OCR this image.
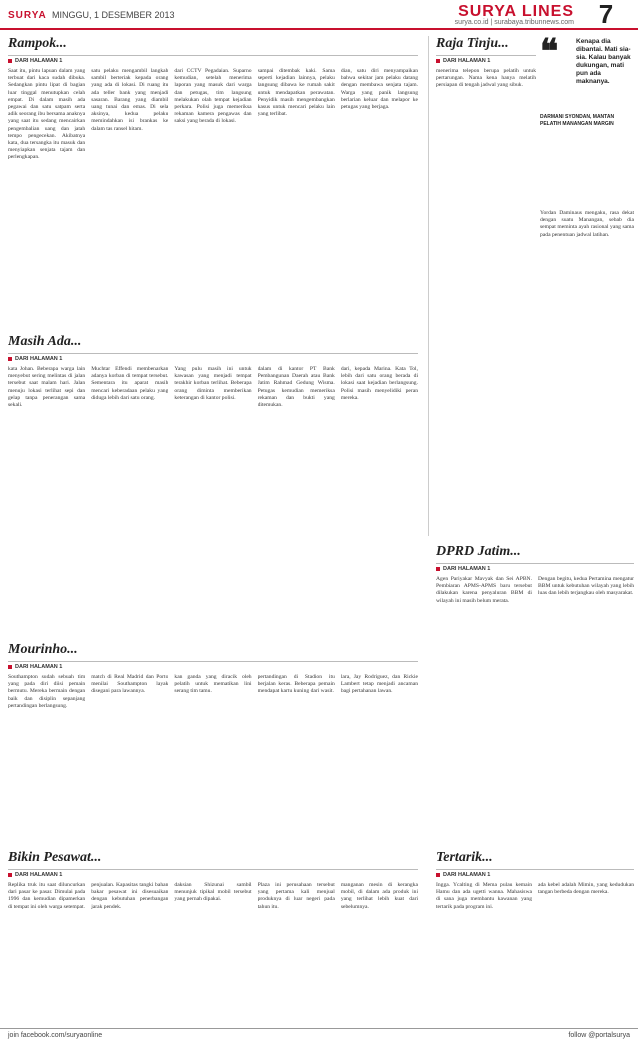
SURYA MINGGU, 1 DESEMBER 2013	SURYA LINES
surya.co.id | surabaya.tribunnews.com 7
Rampok...
DARI HALAMAN 1
Saat itu, pintu lapuan dalam yang terbuat dari kaca sudah dibuka. Sedangkan pintu lipat di bagian luar tinggal menutupkan celah empat. Di dalam masih ada pegawai dan satu satpam serta adik seorang ibu bersama anaknya yang saat itu sedang mencairkan pengembalian uang dan jatah tempo pengecekan. Akibatnya kata, dua tersangka itu masuk dan menyiapkan senjata tajam dan perlengkapan.
satu pelaku mengambil langkah sambil berteriak kepada orang yang ada di lokasi. Di ruang itu ada teller bank yang menjadi sasaran. Barang yang diambil uang tunai dan emas. Di sela aksinya, kedua pelaku memindahkan isi brankas ke dalam tas ransel hitam.
dari CCTV Pegadaian. Suparno kemudian, setelah menerima laporan yang masuk dari warga dan petugas, tim langsung melakukan olah tempat kejadian perkara. Polisi juga memeriksa rekaman kamera pengawas dan saksi yang berada di lokasi.
sampai ditembak kaki. Sama seperti kejadian lainnya, pelaku langsung dibawa ke rumah sakit untuk mendapatkan perawatan. Penyidik masih mengembangkan kasus untuk mencari pelaku lain yang terlibat.
dian, satu diri menyampaikan bahwa sekitar jam pelaku datang dengan membawa senjata tajam. Warga yang panik langsung berlarian keluar dan melapor ke petugas yang berjaga.
Raja Tinju...
DARI HALAMAN 1
menerima telepon berupa pelatih untuk pertarungan. Nama kena hanya melatih persiapan di tengah jadwal yang sibuk.
❝	Kenapa dia dibantai. Mati sia-sia. Kalau banyak dukungan, mati pun ada maknanya.
DARMANI SYONDAN, MANTAN PELATIH MANANGAN MARGIN
Yordan Daminaus mengaku, rasa dekat dengan suatu Manangan, sebab dia sempat meminta ayah rasional yang sama pada penentuan jadwal latihan.
Masih Ada...
DARI HALAMAN 1
kata Johan. Beberapa warga lain menyebut sering melintas di jalan tersebut saat malam hari. Jalan menuju lokasi terlihat sepi dan gelap tanpa penerangan sama sekali.
Muchtar Effendi membenarkan adanya korban di tempat tersebut. Sementara itu aparat masih mencari keberadaan pelaku yang diduga lebih dari satu orang.
Yang pulu masih ini untuk kawasan yang menjadi tempat terakhir korban terlihat. Beberapa orang diminta memberikan keterangan di kantor polisi.
dalam di kantor PT Bank Pembangunan Daerah atau Bank Jatim Rahmad Gedung Wisma. Petugas kemudian memeriksa rekaman dan bukti yang ditemukan.
dari, kepada Marina. Kata Tol, lebih dari satu orang berada di lokasi saat kejadian berlangsung. Polisi masih menyelidiki peran mereka.
DPRD Jatim...
DARI HALAMAN 1
Agen Pariyakar Mavyak dan Sei APBN. Pembiaran APMS-APMS baru tersebut dilakukan karena penyaluran BBM di wilayah ini masih belum merata.
Dengan begitu, kedua Pertamina mengatur BBM untuk kebutuhan wilayah yang lebih luas dan lebih terjangkau oleh masyarakat.
Mourinho...
DARI HALAMAN 1
Southampton sudah sebuah tim yang pada diri diisi pemain bermutu. Mereka bermain dengan baik dan disiplin sepanjang pertandingan berlangsung.
match di Real Madrid dan Porto menilai Southampton layak disegani para lawannya.
kan ganda yang diracik oleh pelatih untuk mematikan lini serang tim tamu.
pertandingan di Stadion itu berjalan keras. Beberapa pemain mendapat kartu kuning dari wasit.
lara, Jay Rodriguez, dan Rickie Lambert tetap menjadi ancaman bagi pertahanan lawan.
Tertarik...
DARI HALAMAN 1
Ingga. Ycalting di Mema pulau kemain Hamu dan ada ugetti wanna. Mahasiswa di sana juga membantu kawanan yang tertarik pada program ini.
ada kebel adalah Mimin, yang kedudukan tangan berbeda dengan mereka.
Bikin Pesawat...
DARI HALAMAN 1
Replika truk itu saat diluncurkan dari pasar ke pasar. Dimulai pada 1996 dan kemudian dipamerkan di tempat ini oleh warga setempat.
penjualan. Kapasitas tangki bahan bakar pesawat ini disesuaikan dengan kebutuhan penerbangan jarak pendek.
daksian Shizunai sambil menunjuk tipikal mobil tersebut yang pernah dipakai.
Plaza ini perusahaan tersebut yang pertama kali menjual produknya di luar negeri pada tahun itu.
manganan mesin di kerangka mobil, di dalam ada produk ini yang terlihat lebih kuat dari sebelumnya.
join facebook.com/suryaonline	follow @portalsurya
